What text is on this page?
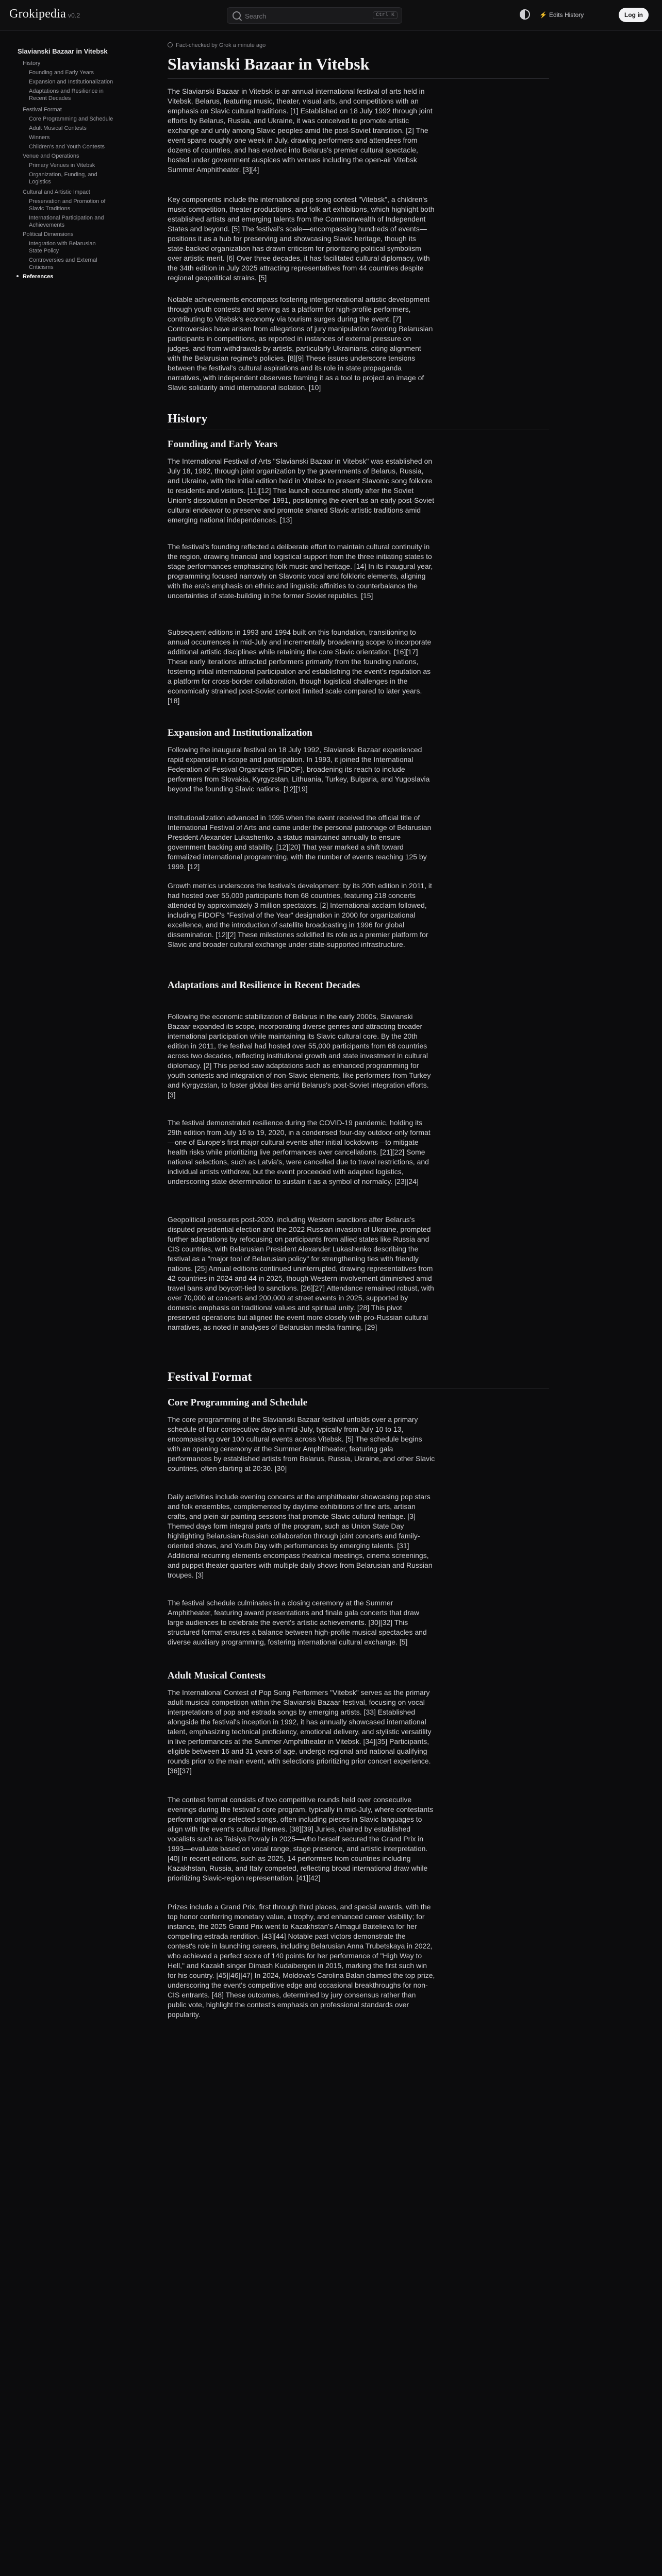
Grokipedia v0.2
Search	Ctrl K	⚡ Edits History	Log in
Slavianski Bazaar in Vitebsk
History
Founding and Early Years
Expansion and Institutionalization
Adaptations and Resilience in Recent Decades
Festival Format
Core Programming and Schedule
Adult Musical Contests
Winners
Children's and Youth Contests
Venue and Operations
Primary Venues in Vitebsk
Organization, Funding, and Logistics
Cultural and Artistic Impact
Preservation and Promotion of Slavic Traditions
International Participation and Achievements
Political Dimensions
Integration with Belarusian State Policy
Controversies and External Criticisms
References
Fact-checked by Grok a minute ago
Slavianski Bazaar in Vitebsk

The Slavianski Bazaar in Vitebsk is an annual international festival of arts held in Vitebsk, Belarus, featuring music, theater, visual arts, and competitions with an emphasis on Slavic cultural traditions. [1] Established on 18 July 1992 through joint efforts by Belarus, Russia, and Ukraine, it was conceived to promote artistic exchange and unity among Slavic peoples amid the post-Soviet transition. [2] The event spans roughly one week in July, drawing performers and attendees from dozens of countries, and has evolved into Belarus's premier cultural spectacle, hosted under government auspices with venues including the open-air Vitebsk Summer Amphitheater. [3][4]

Key components include the international pop song contest "Vitebsk", a children's music competition, theater productions, and folk art exhibitions, which highlight both established artists and emerging talents from the Commonwealth of Independent States and beyond. [5] The festival's scale—encompassing hundreds of events—positions it as a hub for preserving and showcasing Slavic heritage, though its state-backed organization has drawn criticism for prioritizing political symbolism over artistic merit. [6] Over three decades, it has facilitated cultural diplomacy, with the 34th edition in July 2025 attracting representatives from 44 countries despite regional geopolitical strains. [5]

Notable achievements encompass fostering intergenerational artistic development through youth contests and serving as a platform for high-profile performers, contributing to Vitebsk's economy via tourism surges during the event. [7] Controversies have arisen from allegations of jury manipulation favoring Belarusian participants in competitions, as reported in instances of external pressure on judges, and from withdrawals by artists, particularly Ukrainians, citing alignment with the Belarusian regime's policies. [8][9] These issues underscore tensions between the festival's cultural aspirations and its role in state propaganda narratives, with independent observers framing it as a tool to project an image of Slavic solidarity amid international isolation. [10]

History
Founding and Early Years

The International Festival of Arts "Slavianski Bazaar in Vitebsk" was established on July 18, 1992, through joint organization by the governments of Belarus, Russia, and Ukraine, with the initial edition held in Vitebsk to present Slavonic song folklore to residents and visitors. [11][12] This launch occurred shortly after the Soviet Union's dissolution in December 1991, positioning the event as an early post-Soviet cultural endeavor to preserve and promote shared Slavic artistic traditions amid emerging national independences. [13]

The festival's founding reflected a deliberate effort to maintain cultural continuity in the region, drawing financial and logistical support from the three initiating states to stage performances emphasizing folk music and heritage. [14] In its inaugural year, programming focused narrowly on Slavonic vocal and folkloric elements, aligning with the era's emphasis on ethnic and linguistic affinities to counterbalance the uncertainties of state-building in the former Soviet republics. [15]

Subsequent editions in 1993 and 1994 built on this foundation, transitioning to annual occurrences in mid-July and incrementally broadening scope to incorporate additional artistic disciplines while retaining the core Slavic orientation. [16][17] These early iterations attracted performers primarily from the founding nations, fostering initial international participation and establishing the event's reputation as a platform for cross-border collaboration, though logistical challenges in the economically strained post-Soviet context limited scale compared to later years. [18]

Expansion and Institutionalization

Following the inaugural festival on 18 July 1992, Slavianski Bazaar experienced rapid expansion in scope and participation. In 1993, it joined the International Federation of Festival Organizers (FIDOF), broadening its reach to include performers from Slovakia, Kyrgyzstan, Lithuania, Turkey, Bulgaria, and Yugoslavia beyond the founding Slavic nations. [12][19]

Institutionalization advanced in 1995 when the event received the official title of International Festival of Arts and came under the personal patronage of Belarusian President Alexander Lukashenko, a status maintained annually to ensure government backing and stability. [12][20] That year marked a shift toward formalized international programming, with the number of events reaching 125 by 1999. [12]

Growth metrics underscore the festival's development: by its 20th edition in 2011, it had hosted over 55,000 participants from 68 countries, featuring 218 concerts attended by approximately 3 million spectators. [2] International acclaim followed, including FIDOF's "Festival of the Year" designation in 2000 for organizational excellence, and the introduction of satellite broadcasting in 1996 for global dissemination. [12][2] These milestones solidified its role as a premier platform for Slavic and broader cultural exchange under state-supported infrastructure.

Adaptations and Resilience in Recent Decades

Following the economic stabilization of Belarus in the early 2000s, Slavianski Bazaar expanded its scope, incorporating diverse genres and attracting broader international participation while maintaining its Slavic cultural core. By the 20th edition in 2011, the festival had hosted over 55,000 participants from 68 countries across two decades, reflecting institutional growth and state investment in cultural diplomacy. [2] This period saw adaptations such as enhanced programming for youth contests and integration of non-Slavic elements, like performers from Turkey and Kyrgyzstan, to foster global ties amid Belarus's post-Soviet integration efforts. [3]

The festival demonstrated resilience during the COVID-19 pandemic, holding its 29th edition from July 16 to 19, 2020, in a condensed four-day outdoor-only format—one of Europe's first major cultural events after initial lockdowns—to mitigate health risks while prioritizing live performances over cancellations. [21][22] Some national selections, such as Latvia's, were cancelled due to travel restrictions, and individual artists withdrew, but the event proceeded with adapted logistics, underscoring state determination to sustain it as a symbol of normalcy. [23][24]

Geopolitical pressures post-2020, including Western sanctions after Belarus's disputed presidential election and the 2022 Russian invasion of Ukraine, prompted further adaptations by refocusing on participants from allied states like Russia and CIS countries, with Belarusian President Alexander Lukashenko describing the festival as a "major tool of Belarusian policy" for strengthening ties with friendly nations. [25] Annual editions continued uninterrupted, drawing representatives from 42 countries in 2024 and 44 in 2025, though Western involvement diminished amid travel bans and boycott-tied to sanctions. [26][27] Attendance remained robust, with over 70,000 at concerts and 200,000 at street events in 2025, supported by domestic emphasis on traditional values and spiritual unity. [28] This pivot preserved operations but aligned the event more closely with pro-Russian cultural narratives, as noted in analyses of Belarusian media framing. [29]

Festival Format
Core Programming and Schedule

The core programming of the Slavianski Bazaar festival unfolds over a primary schedule of four consecutive days in mid-July, typically from July 10 to 13, encompassing over 100 cultural events across Vitebsk. [5] The schedule begins with an opening ceremony at the Summer Amphitheater, featuring gala performances by established artists from Belarus, Russia, Ukraine, and other Slavic countries, often starting at 20:30. [30]

Daily activities include evening concerts at the amphitheater showcasing pop stars and folk ensembles, complemented by daytime exhibitions of fine arts, artisan crafts, and plein-air painting sessions that promote Slavic cultural heritage. [3] Themed days form integral parts of the program, such as Union State Day highlighting Belarusian-Russian collaboration through joint concerts and family-oriented shows, and Youth Day with performances by emerging talents. [31] Additional recurring elements encompass theatrical meetings, cinema screenings, and puppet theater quarters with multiple daily shows from Belarusian and Russian troupes. [3]

The festival schedule culminates in a closing ceremony at the Summer Amphitheater, featuring award presentations and finale gala concerts that draw large audiences to celebrate the event's artistic achievements. [30][32] This structured format ensures a balance between high-profile musical spectacles and diverse auxiliary programming, fostering international cultural exchange. [5]

Adult Musical Contests

The International Contest of Pop Song Performers "Vitebsk" serves as the primary adult musical competition within the Slavianski Bazaar festival, focusing on vocal interpretations of pop and estrada songs by emerging artists. [33] Established alongside the festival's inception in 1992, it has annually showcased international talent, emphasizing technical proficiency, emotional delivery, and stylistic versatility in live performances at the Summer Amphitheater in Vitebsk. [34][35] Participants, eligible between 16 and 31 years of age, undergo regional and national qualifying rounds prior to the main event, with selections prioritizing prior concert experience. [36][37]

The contest format consists of two competitive rounds held over consecutive evenings during the festival's core program, typically in mid-July, where contestants perform original or selected songs, often including pieces in Slavic languages to align with the event's cultural themes. [38][39] Juries, chaired by established vocalists such as Taisiya Povaly in 2025—who herself secured the Grand Prix in 1993—evaluate based on vocal range, stage presence, and artistic interpretation. [40] In recent editions, such as 2025, 14 performers from countries including Kazakhstan, Russia, and Italy competed, reflecting broad international draw while prioritizing Slavic-region representation. [41][42]

Prizes include a Grand Prix, first through third places, and special awards, with the top honor conferring monetary value, a trophy, and enhanced career visibility; for instance, the 2025 Grand Prix went to Kazakhstan's Almagul Baitelieva for her compelling estrada rendition. [43][44] Notable past victors demonstrate the contest's role in launching careers, including Belarusian Anna Trubetskaya in 2022, who achieved a perfect score of 140 points for her performance of "High Way to Hell," and Kazakh singer Dimash Kudaibergen in 2015, marking the first such win for his country. [45][46][47] In 2024, Moldova's Carolina Balan claimed the top prize, underscoring the event's competitive edge and occasional breakthroughs for non-CIS entrants. [48] These outcomes, determined by jury consensus rather than public vote, highlight the contest's emphasis on professional standards over popularity.
